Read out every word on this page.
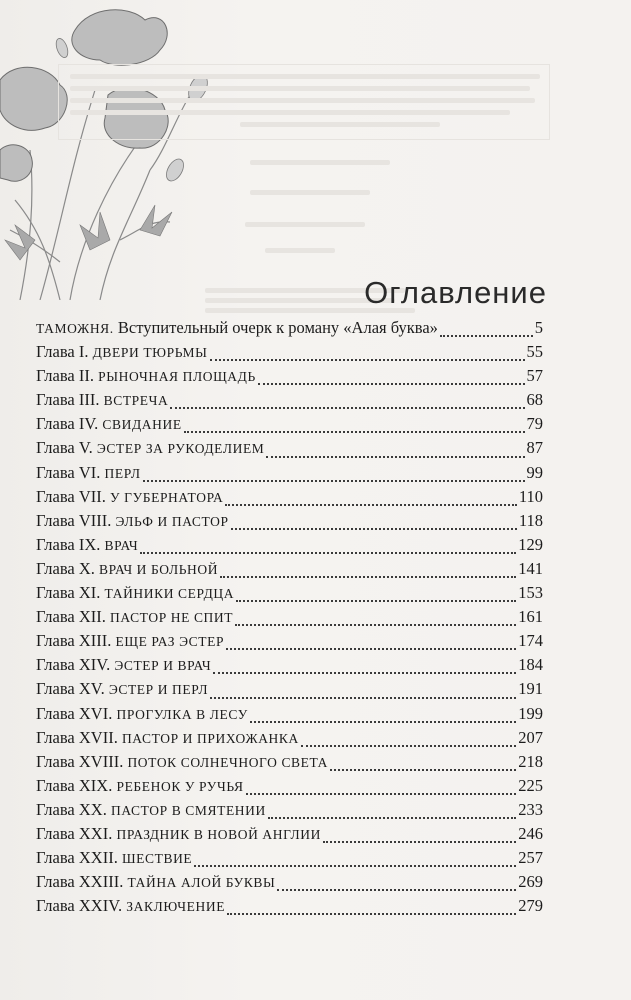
Оглавление
ТАМОЖНЯ. Вступительный очерк к роману «Алая буква»	5
Глава I. ДВЕРИ ТЮРЬМЫ	55
Глава II. РЫНОЧНАЯ ПЛОЩАДЬ	57
Глава III. ВСТРЕЧА	68
Глава IV. СВИДАНИЕ	79
Глава V. ЭСТЕР ЗА РУКОДЕЛИЕМ	87
Глава VI. ПЕРЛ	99
Глава VII. У ГУБЕРНАТОРА	110
Глава VIII. ЭЛЬФ И ПАСТОР	118
Глава IX. ВРАЧ	129
Глава X. ВРАЧ И БОЛЬНОЙ	141
Глава XI. ТАЙНИКИ СЕРДЦА	153
Глава XII. ПАСТОР НЕ СПИТ	161
Глава XIII. ЕЩЕ РАЗ ЭСТЕР	174
Глава XIV. ЭСТЕР И ВРАЧ	184
Глава XV. ЭСТЕР И ПЕРЛ	191
Глава XVI. ПРОГУЛКА В ЛЕСУ	199
Глава XVII. ПАСТОР И ПРИХОЖАНКА	207
Глава XVIII. ПОТОК СОЛНЕЧНОГО СВЕТА	218
Глава XIX. РЕБЕНОК У РУЧЬЯ	225
Глава XX. ПАСТОР В СМЯТЕНИИ	233
Глава XXI. ПРАЗДНИК В НОВОЙ АНГЛИИ	246
Глава XXII. ШЕСТВИЕ	257
Глава XXIII. ТАЙНА АЛОЙ БУКВЫ	269
Глава XXIV. ЗАКЛЮЧЕНИЕ	279
